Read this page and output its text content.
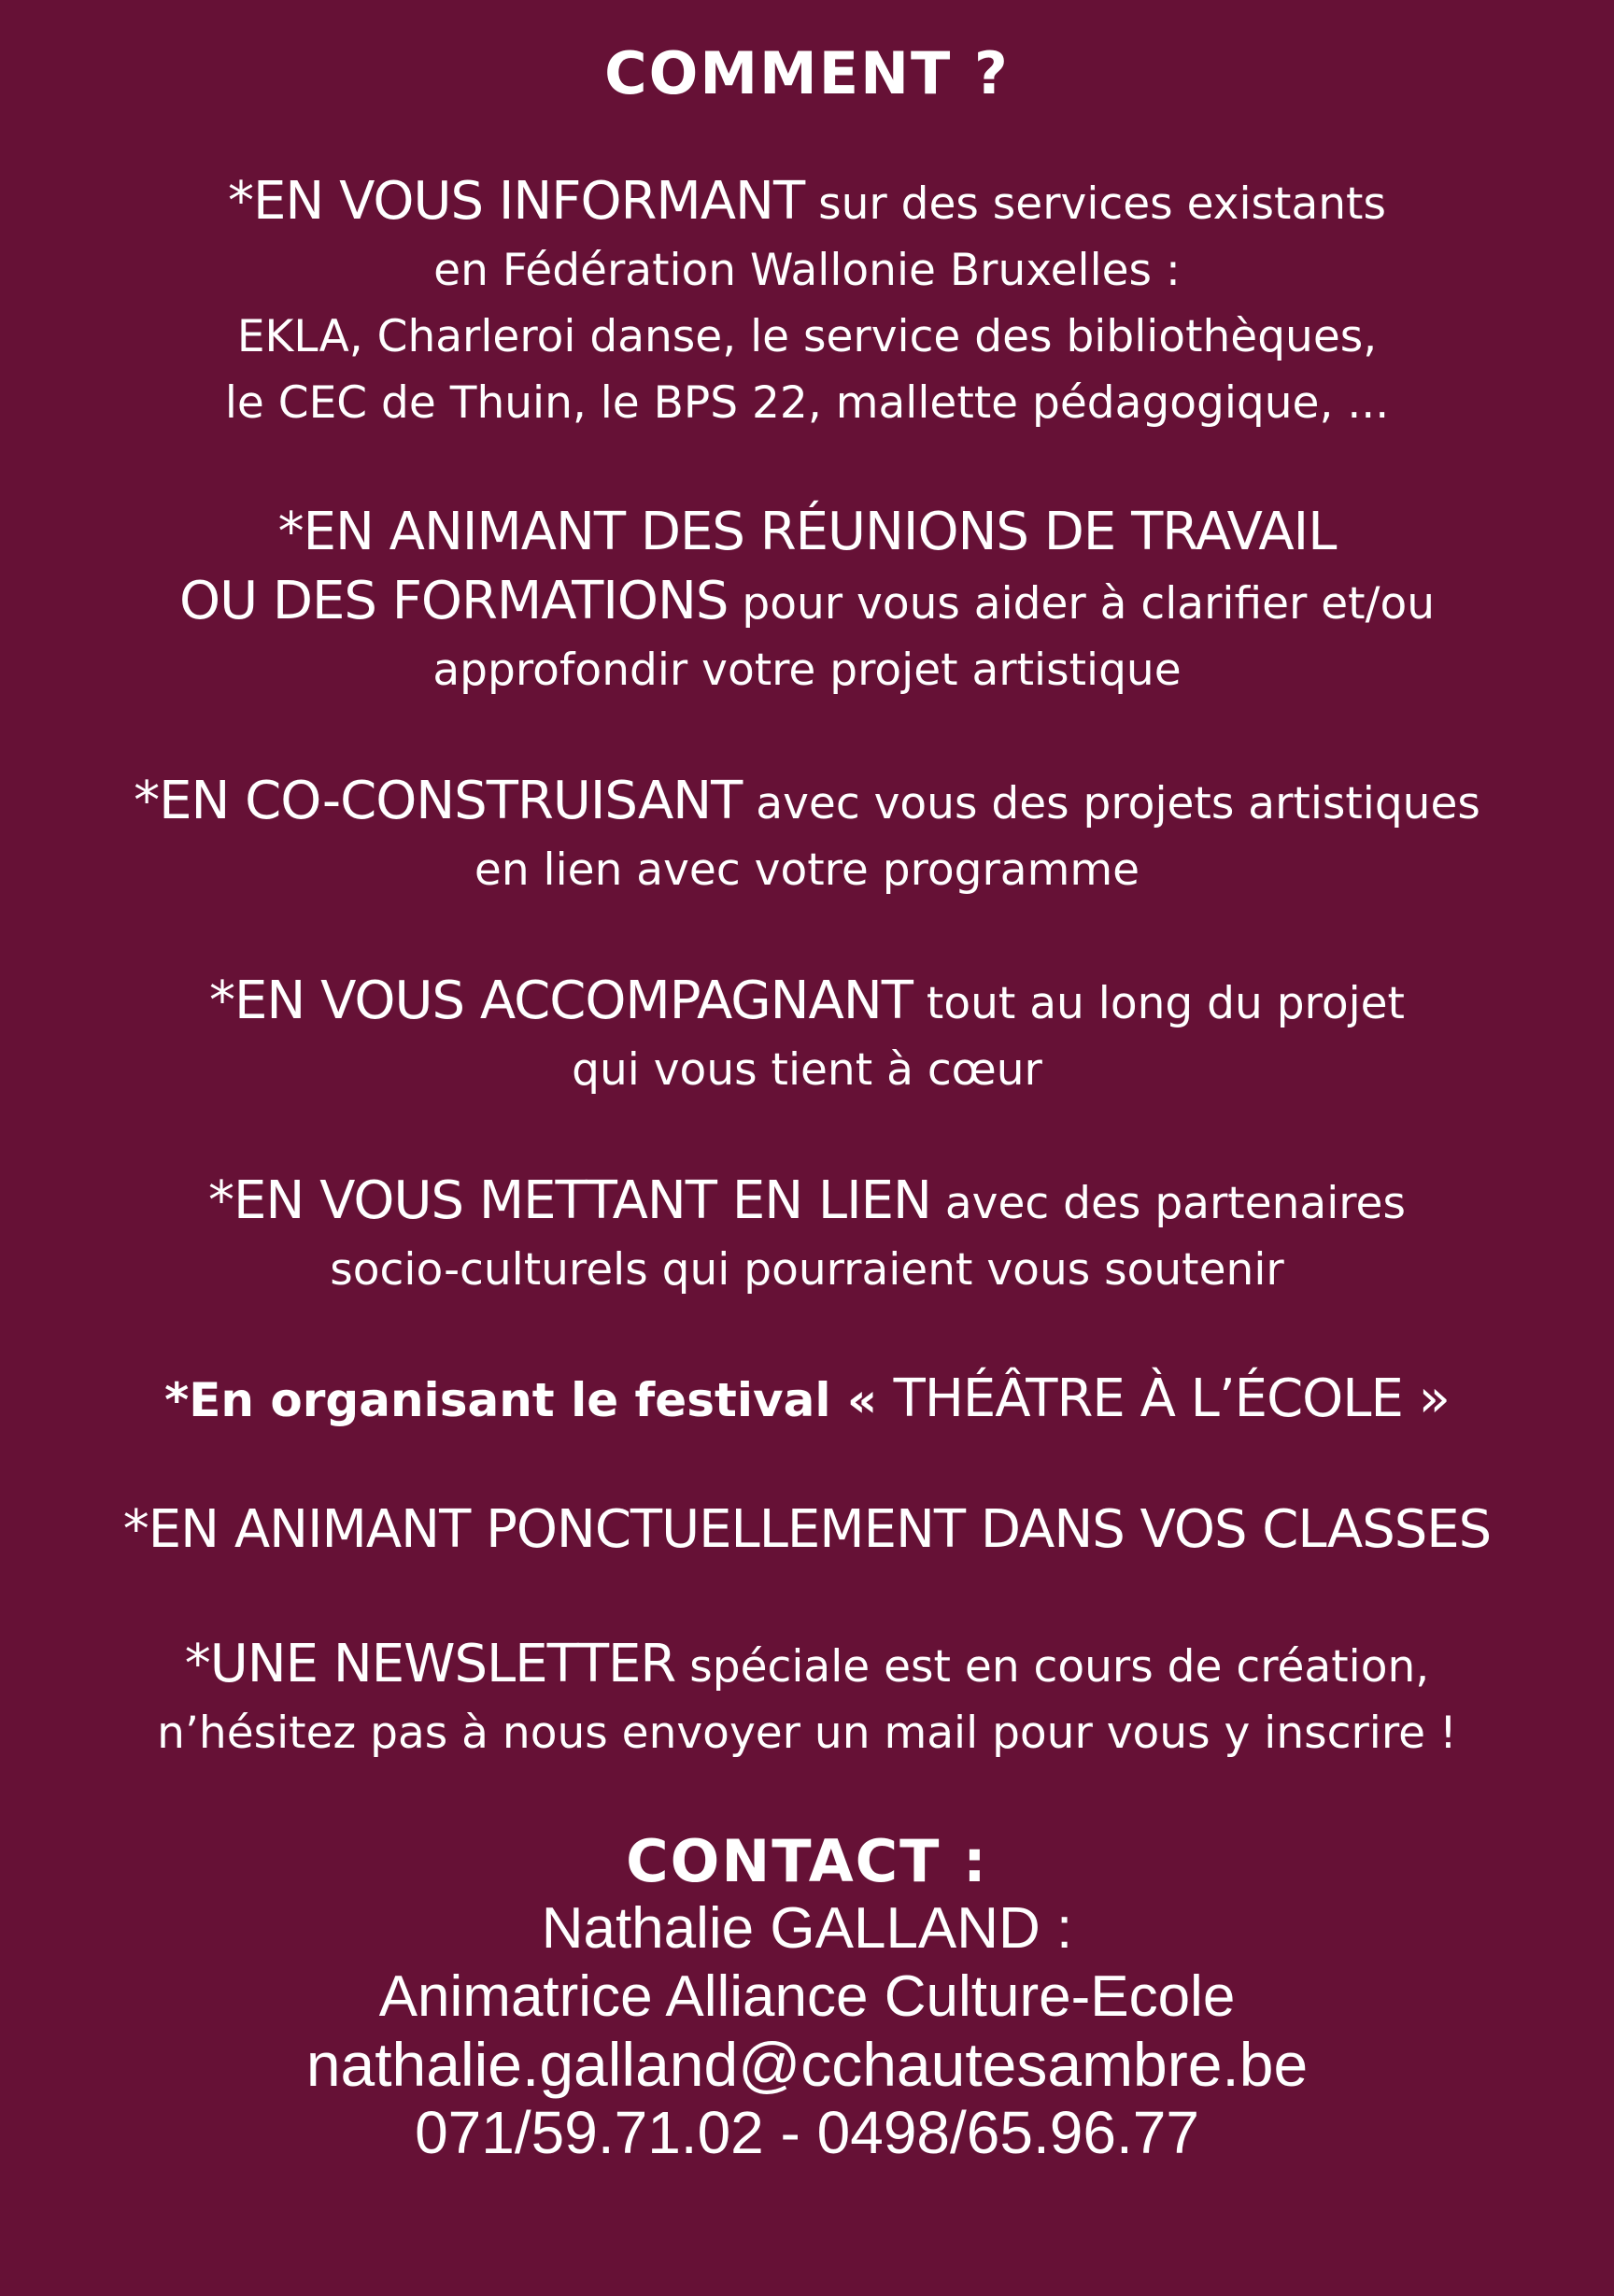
COMMENT ?
*EN VOUS INFORMANT sur des services existants
en Fédération Wallonie Bruxelles :
EKLA, Charleroi danse, le service des bibliothèques,
le CEC de Thuin, le BPS 22, mallette pédagogique, ...
*EN ANIMANT DES RÉUNIONS DE TRAVAIL
OU DES FORMATIONS pour vous aider à clarifier et/ou
approfondir votre projet artistique
*EN CO-CONSTRUISANT avec vous des projets artistiques
en lien avec votre programme
*EN VOUS ACCOMPAGNANT tout au long du projet
qui vous tient à cœur
*EN VOUS METTANT EN LIEN avec des partenaires
socio-culturels qui pourraient vous soutenir
*En organisant le festival « THÉÂTRE À L’ÉCOLE »
*EN ANIMANT PONCTUELLEMENT DANS VOS CLASSES
*UNE NEWSLETTER spéciale est en cours de création,
n’hésitez pas à nous envoyer un mail pour vous y inscrire !
CONTACT :
Nathalie GALLAND :
Animatrice Alliance Culture-Ecole
nathalie.galland@cchautesambre.be
071/59.71.02 - 0498/65.96.77
